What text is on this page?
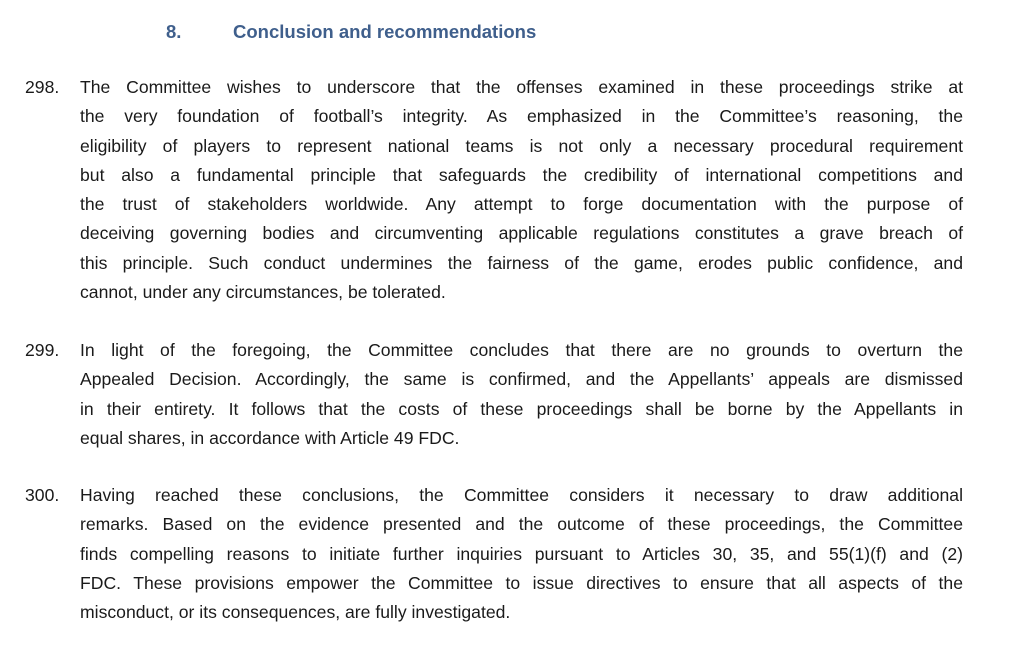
8.	Conclusion and recommendations
298. The Committee wishes to underscore that the offenses examined in these proceedings strike at
the very foundation of football’s integrity. As emphasized in the Committee’s reasoning, the
eligibility of players to represent national teams is not only a necessary procedural requirement
but also a fundamental principle that safeguards the credibility of international competitions and
the trust of stakeholders worldwide. Any attempt to forge documentation with the purpose of
deceiving governing bodies and circumventing applicable regulations constitutes a grave breach of
this principle. Such conduct undermines the fairness of the game, erodes public confidence, and
cannot, under any circumstances, be tolerated.
299. In light of the foregoing, the Committee concludes that there are no grounds to overturn the
Appealed Decision. Accordingly, the same is confirmed, and the Appellants’ appeals are dismissed
in their entirety. It follows that the costs of these proceedings shall be borne by the Appellants in
equal shares, in accordance with Article 49 FDC.
300. Having reached these conclusions, the Committee considers it necessary to draw additional
remarks. Based on the evidence presented and the outcome of these proceedings, the Committee
finds compelling reasons to initiate further inquiries pursuant to Articles 30, 35, and 55(1)(f) and (2)
FDC. These provisions empower the Committee to issue directives to ensure that all aspects of the
misconduct, or its consequences, are fully investigated.
